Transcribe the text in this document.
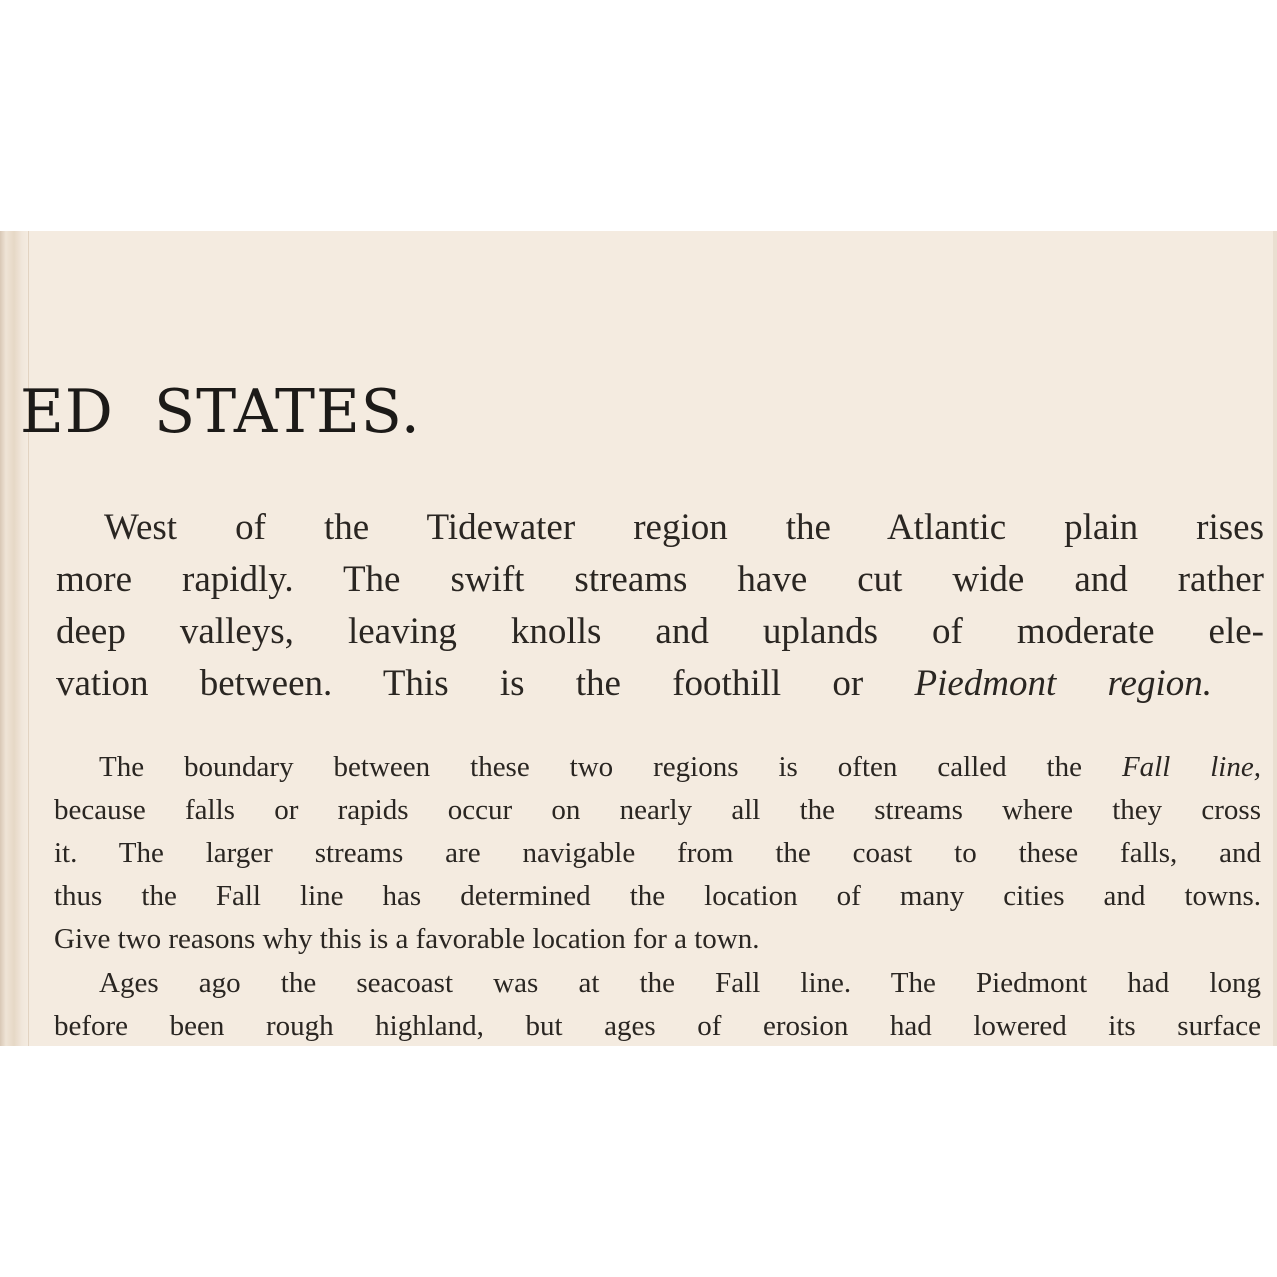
ED  STATES.

West of the Tidewater region the Atlantic plain rises

more rapidly. The swift streams have cut wide and rather

deep valleys, leaving knolls and uplands of moderate ele-

vation between. This is the foothill or Piedmont region.

The boundary between these two regions is often called the Fall line,

because falls or rapids occur on nearly all the streams where they cross

it. The larger streams are navigable from the coast to these falls, and

thus the Fall line has determined the location of many cities and towns.

Give two reasons why this is a favorable location for a town.

Ages ago the seacoast was at the Fall line. The Piedmont had long

before been rough highland, but ages of erosion had lowered its surface
